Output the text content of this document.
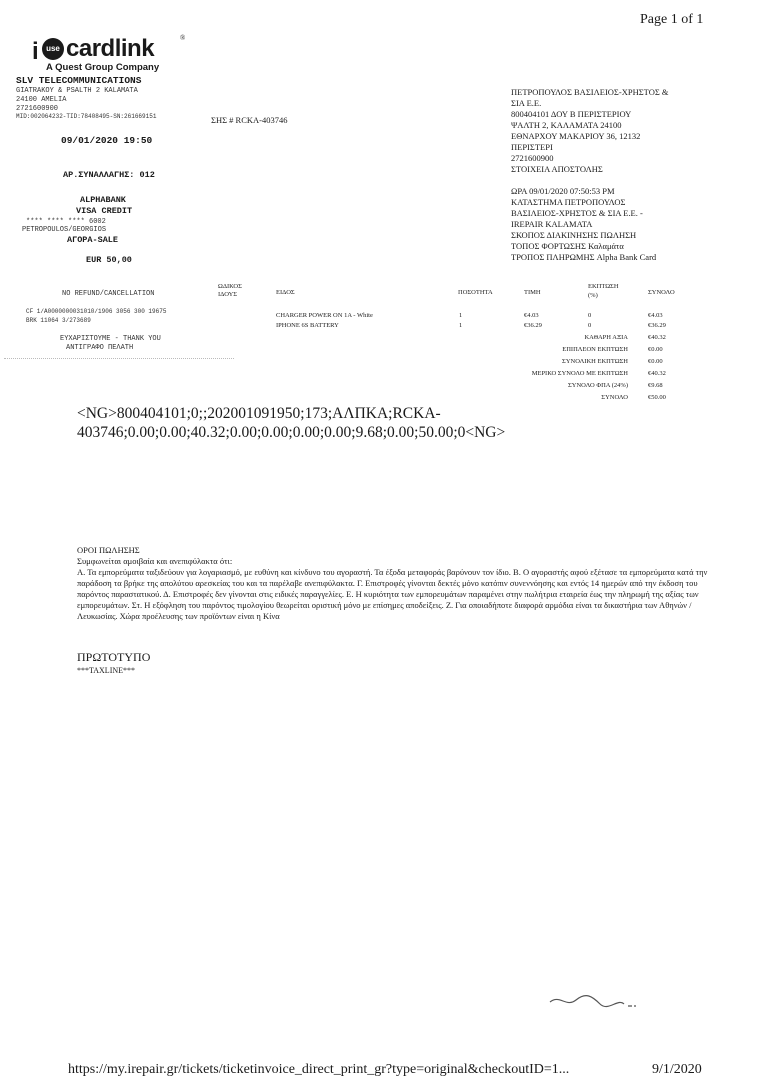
Page 1 of 1
i use cardlink	®
A Quest Group Company
SLV TELECOMMUNICATIONS
GIATRAKOY & PSALTH 2 KALAMATA
24100 AMELIA
2721600900
MID:002064232-TID:78408495-SN:261669151
09/01/2020 19:50
ΑΡ.ΣΥΝΑΛΛΑΓΗΣ: 012
ALPHABANK
VISA CREDIT
**** **** **** 6002
PETROPOULOS/GEORGIOS
ΑΓΟΡΑ-SALE
EUR 50,00
NO REFUND/CANCELLATION
CF 1/A0000000031010/1906 3056 300 19675
BRK 11064 3/273689
ΕΥΧΑΡΙΣΤΟΥΜΕ - THANK YOU
ΑΝΤΙΓΡΑΦΟ ΠΕΛΑΤΗ
ΣΗΣ # RCKA-403746
ΠΕΤΡΟΠΟΥΛΟΣ ΒΑΣΙΛΕΙΟΣ-ΧΡΗΣΤΟΣ &
ΣΙΑ Ε.Ε.
800404101 ΔΟΥ Β ΠΕΡΙΣΤΕΡΙΟΥ
ΨΑΛΤΗ 2, ΚΑΛΑΜΑΤΑ 24100
ΕΘΝΑΡΧΟΥ ΜΑΚΑΡΙΟΥ 36, 12132
ΠΕΡΙΣΤΕΡΙ
2721600900
ΣΤΟΙΧΕΙΑ ΑΠΟΣΤΟΛΗΣ
ΩΡΑ 09/01/2020 07:50:53 PM
ΚΑΤΑΣΤΗΜΑ ΠΕΤΡΟΠΟΥΛΟΣ
ΒΑΣΙΛΕΙΟΣ-ΧΡΗΣΤΟΣ & ΣΙΑ Ε.Ε. -
IREPAIR KALAMATA
ΣΚΟΠΟΣ ΔΙΑΚΙΝΗΣΗΣ ΠΩΛΗΣΗ
ΤΟΠΟΣ ΦΟΡΤΩΣΗΣ Καλαμάτα
ΤΡΟΠΟΣ ΠΛΗΡΩΜΗΣ Alpha Bank Card
ΩΔΙΚΟΣ
ΙΔΟΥΣ	ΕΙΔΟΣ	ΠΟΣΟΤΗΤΑ	ΤΙΜΗ
ΕΚΠΤΩΣΗ
(%)	ΣΥΝΟΛΟ
CHARGER POWER ON 1A - White	1	€4.03	0	€4.03
IPHONE 6S BATTERY	1	€36.29	0	€36.29
ΚΑΘΑΡΗ ΑΞΙΑ	€40.32
ΕΠΙΠΛΕΟΝ ΕΚΠΤΩΣΗ	€0.00
ΣΥΝΟΛΙΚΗ ΕΚΠΤΩΣΗ	€0.00
ΜΕΡΙΚΟ ΣΥΝΟΛΟ ΜΕ ΕΚΠΤΩΣΗ	€40.32
ΣΥΝΟΛΟ ΦΠΑ (24%)	€9.68
ΣΥΝΟΛΟ	€50.00
<NG>800404101;0;;202001091950;173;ΑΛΠΚΑ;RCKA-403746;0.00;0.00;40.32;0.00;0.00;0.00;0.00;9.68;0.00;50.00;0<NG>

ΟΡΟΙ ΠΩΛΗΣΗΣ

Συμφωνείται αμοιβαία και ανεπιφύλακτα ότι:

Α. Τα εμπορεύματα ταξιδεύουν για λογαριασμό, με ευθύνη και κίνδυνο του αγοραστή. Τα έξοδα μεταφοράς βαρύνουν τον ίδιο. Β. Ο αγοραστής αφού εξέτασε τα εμπορεύματα κατά την παράδοση τα βρήκε της απολύτου αρεσκείας του και τα παρέλαβε ανεπιφύλακτα. Γ. Επιστροφές γίνονται δεκτές μόνο κατόπιν συνεννόησης και εντός 14 ημερών από την έκδοση του παρόντος παραστατικού. Δ. Επιστροφές δεν γίνονται στις ειδικές παραγγελίες. Ε. Η κυριότητα των εμπορευμάτων παραμένει στην πωλήτρια εταιρεία έως την πληρωμή της αξίας των εμπορευμάτων. Στ. Η εξόφληση του παρόντος τιμολογίου θεωρείται οριστική μόνο με επίσημες αποδείξεις. Ζ. Για οποιαδήποτε διαφορά αρμόδια είναι τα δικαστήρια των Αθηνών / Λευκωσίας. Χώρα προέλευσης των προϊόντων είναι η Κίνα

ΠΡΩΤΟΤΥΠΟ
***TAXLINE***
https://my.irepair.gr/tickets/ticketinvoice_direct_print_gr?type=original&checkoutID=1...	9/1/2020
